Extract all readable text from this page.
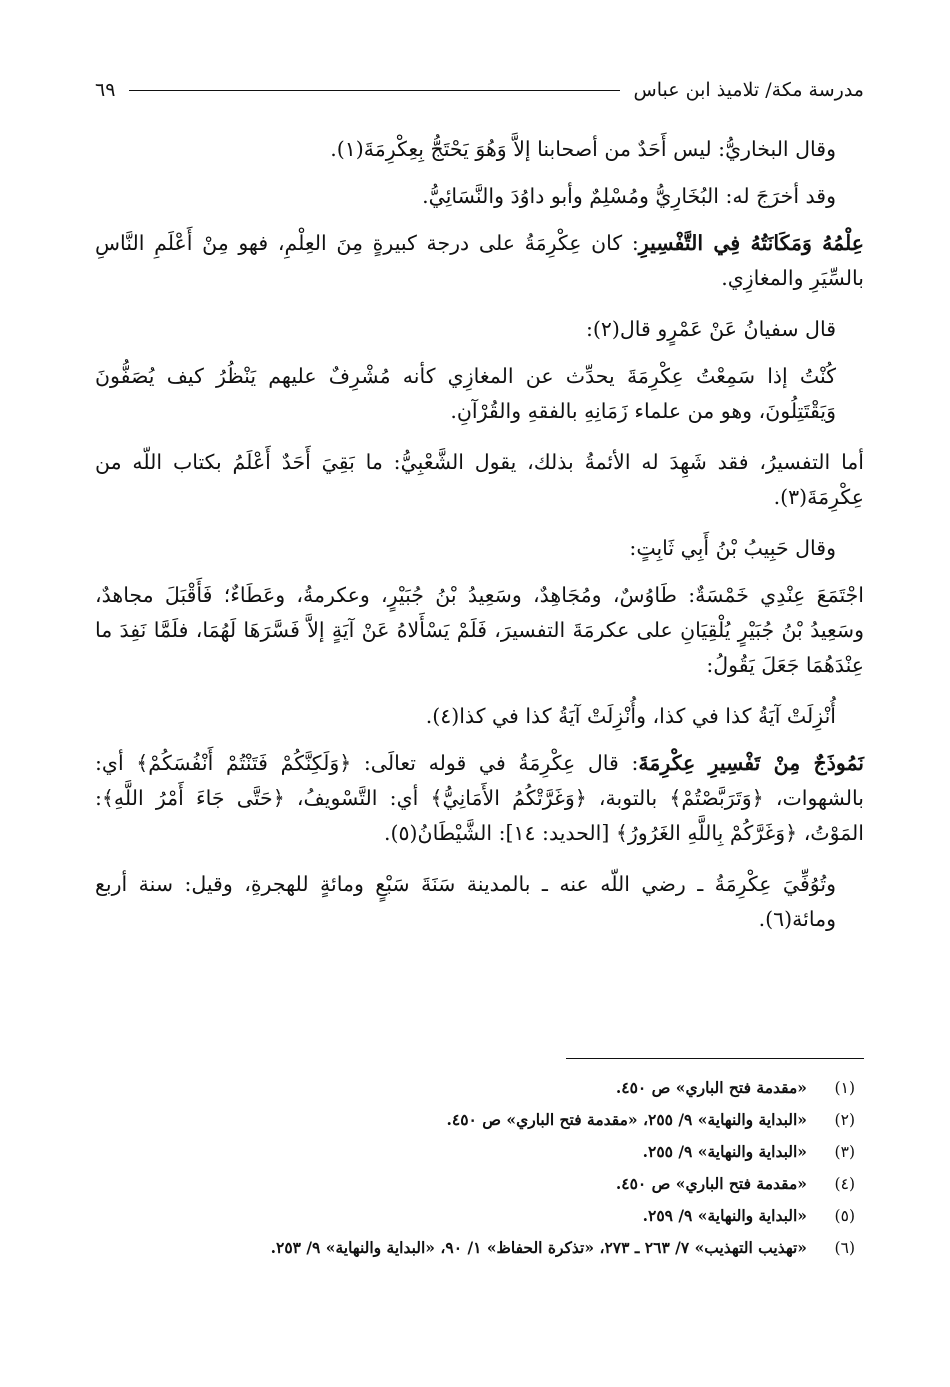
مدرسة مكة/ تلاميذ ابن عباس
٦٩

وقال البخاريُّ: ليس أَحَدٌ من أصحابنا إلاَّ وَهُوَ يَحْتَجُّ بِعِكْرِمَةَ(١).

وقد أخرَجَ له: البُخَارِيُّ ومُسْلِمٌ وأبو داوُدَ والنَّسَائِيُّ.

عِلْمُهُ وَمَكَانَتُهُ فِي التَّفْسِيرِ: كان عِكْرِمَةُ على درجة كبيرةٍ مِنَ العِلْمِ، فهو مِنْ أَعْلَمِ النَّاسِ بالسِّيَرِ والمغازِي.

قال سفيانُ عَنْ عَمْرٍو قال(٢):

كُنْتُ إذا سَمِعْتُ عِكْرِمَةَ يحدِّث عن المغازِي كأنه مُشْرِفٌ عليهم يَنْظُرُ كيف يُصَفُّونَ وَيَقْتَتِلُونَ، وهو من علماء زَمَانِهِ بالفقهِ والقُرْآنِ.

أما التفسيرُ، فقد شَهِدَ له الأئمةُ بذلك، يقول الشَّعْبِيُّ: ما بَقِيَ أَحَدٌ أَعْلَمُ بكتاب اللّه من عِكْرِمَةَ(٣).

وقال حَبِيبُ بْنُ أَبِي ثَابِتٍ:

اجْتَمَعَ عِنْدِي خَمْسَةٌ: طَاوُسٌ، ومُجَاهِدٌ، وسَعِيدُ بْنُ جُبَيْرٍ، وعكرمةُ، وعَطَاءٌ؛ فَأَقْبَلَ مجاهدٌ، وسَعِيدُ بْنُ جُبَيْرٍ يُلْقِيَانِ على عكرمَةَ التفسيرَ، فَلَمْ يَسْأَلاهُ عَنْ آيَةٍ إلاَّ فَسَّرَهَا لَهُمَا، فلَمَّا نَفِدَ ما عِنْدَهُمَا جَعَلَ يَقُولُ:

أُنْزِلَتْ آيَةُ كذا في كذا، وأُنْزِلَتْ آيَةُ كذا في كذا(٤).

نَمُوذَجٌ مِنْ تَفْسِيرِ عِكْرِمَةَ: قال عِكْرِمَةُ في قوله تعالَى: ﴿وَلَكِنَّكُمْ فَتَنْتُمْ أَنْفُسَكُمْ﴾ أي: بالشهوات، ﴿وَتَرَبَّصْتُمْ﴾ بالتوبة، ﴿وَغَرَّتْكُمُ الأَمَانِيُّ﴾ أي: التَّسْويفُ، ﴿حَتَّى جَاءَ أَمْرُ اللَّهِ﴾: المَوْتُ، ﴿وَغَرَّكُمْ بِاللَّهِ الغَرُورُ﴾ [الحديد: ١٤]: الشَّيْطَانُ(٥).

وتُوُفِّيَ عِكْرِمَةُ ـ رضي اللّه عنه ـ بالمدينة سَنَةَ سَبْعٍ ومائةٍ للهجرةِ، وقيل: سنة أربع ومائة(٦).

(١)
«مقدمة فتح الباري» ص ٤٥٠.
(٢)
«البداية والنهاية» ٩/ ٢٥٥، «مقدمة فتح الباري» ص ٤٥٠.
(٣)
«البداية والنهاية» ٩/ ٢٥٥.
(٤)
«مقدمة فتح الباري» ص ٤٥٠.
(٥)
«البداية والنهاية» ٩/ ٢٥٩.
(٦)
«تهذيب التهذيب» ٧/ ٢٦٣ ـ ٢٧٣، «تذكرة الحفاظ» ١/ ٩٠، «البداية والنهاية» ٩/ ٢٥٣.
